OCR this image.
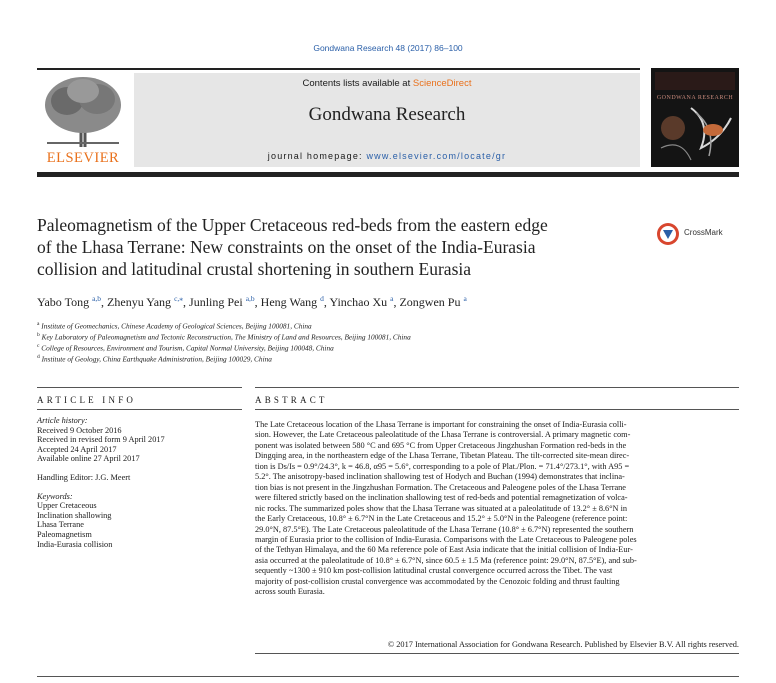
Gondwana Research 48 (2017) 86–100
ELSEVIER
Contents lists available at ScienceDirect
Gondwana Research
journal homepage: www.elsevier.com/locate/gr
GONDWANA RESEARCH
Paleomagnetism of the Upper Cretaceous red-beds from the eastern edge
of the Lhasa Terrane: New constraints on the onset of the India-Eurasia
collision and latitudinal crustal shortening in southern Eurasia
CrossMark
Yabo Tong $^{a,b}$, Zhenyu Yang $^{c,⁎}$, Junling Pei $^{a,b}$, Heng Wang $^d$, Yinchao Xu $^a$, Zongwen Pu $^a$
$^a$ Institute of Geomechanics, Chinese Academy of Geological Sciences, Beijing 100081, China
$^b$ Key Laboratory of Paleomagnetism and Tectonic Reconstruction, The Ministry of Land and Resources, Beijing 100081, China
$^c$ College of Resources, Environment and Tourism, Capital Normal University, Beijing 100048, China
$^d$ Institute of Geology, China Earthquake Administration, Beijing 100029, China
ARTICLE INFO	ABSTRACT
Article history:
Received 9 October 2016
Received in revised form 9 April 2017
Accepted 24 April 2017
Available online 27 April 2017
Handling Editor: J.G. Meert
Keywords:
Upper Cretaceous
Inclination shallowing
Lhasa Terrane
Paleomagnetism
India-Eurasia collision
The Late Cretaceous location of the Lhasa Terrane is important for constraining the onset of India-Eurasia colli-
sion. However, the Late Cretaceous paleolatitude of the Lhasa Terrane is controversial. A primary magnetic com-
ponent was isolated between 580 °C and 695 °C from Upper Cretaceous Jingzhushan Formation red-beds in the
Dingqing area, in the northeastern edge of the Lhasa Terrane, Tibetan Plateau. The tilt-corrected site-mean direc-
tion is Ds/Is = 0.9°/24.3°, k = 46.8, α95 = 5.6°, corresponding to a pole of Plat./Plon. = 71.4°/273.1°, with A95 =
5.2°. The anisotropy-based inclination shallowing test of Hodych and Buchan (1994) demonstrates that inclina-
tion bias is not present in the Jingzhushan Formation. The Cretaceous and Paleogene poles of the Lhasa Terrane
were filtered strictly based on the inclination shallowing test of red-beds and potential remagnetization of volca-
nic rocks. The summarized poles show that the Lhasa Terrane was situated at a paleolatitude of 13.2° ± 8.6°N in
the Early Cretaceous, 10.8° ± 6.7°N in the Late Cretaceous and 15.2° ± 5.0°N in the Paleogene (reference point:
29.0°N, 87.5°E). The Late Cretaceous paleolatitude of the Lhasa Terrane (10.8° ± 6.7°N) represented the southern
margin of Eurasia prior to the collision of India-Eurasia. Comparisons with the Late Cretaceous to Paleogene poles
of the Tethyan Himalaya, and the 60 Ma reference pole of East Asia indicate that the initial collision of India-Eur-
asia occurred at the paleolatitude of 10.8° ± 6.7°N, since 60.5 ± 1.5 Ma (reference point: 29.0°N, 87.5°E), and sub-
sequently ~1300 ± 910 km post-collision latitudinal crustal convergence occurred across the Tibet. The vast
majority of post-collision crustal convergence was accommodated by the Cenozoic folding and thrust faulting
across south Eurasia.
© 2017 International Association for Gondwana Research. Published by Elsevier B.V. All rights reserved.
